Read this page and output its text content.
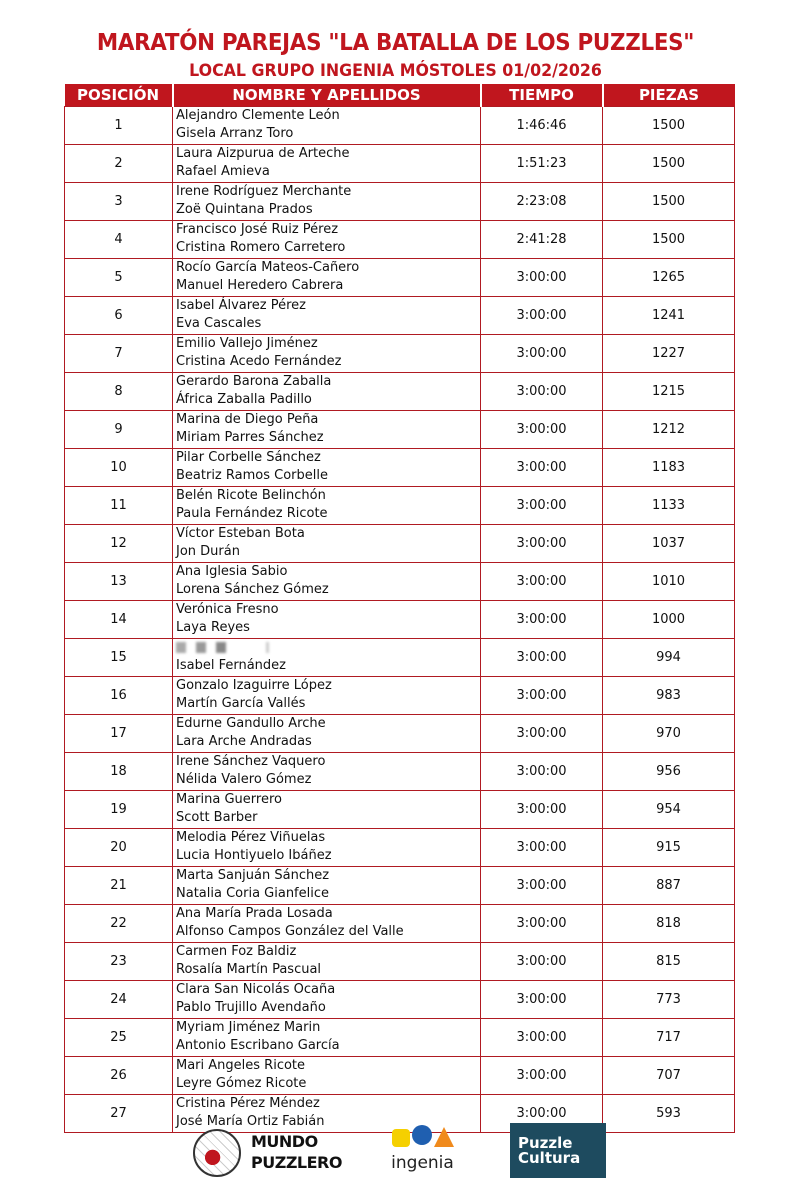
MARATÓN PAREJAS "LA BATALLA DE LOS PUZZLES"
LOCAL GRUPO INGENIA MÓSTOLES 01/02/2026
POSICIÓN	NOMBRE Y APELLIDOS	TIEMPO	PIEZAS
1	Alejandro Clemente León
Gisela Arranz Toro	1:46:46	1500
2	Laura Aizpurua de Arteche
Rafael Amieva	1:51:23	1500
3	Irene Rodríguez Merchante
Zoë Quintana Prados	2:23:08	1500
4	Francisco José Ruiz Pérez
Cristina Romero Carretero	2:41:28	1500
5	Rocío García Mateos-Cañero
Manuel Heredero Cabrera	3:00:00	1265
6	Isabel Álvarez Pérez
Eva Cascales	3:00:00	1241
7	Emilio Vallejo Jiménez
Cristina Acedo Fernández	3:00:00	1227
8	Gerardo Barona Zaballa
África Zaballa Padillo	3:00:00	1215
9	Marina de Diego Peña
Miriam Parres Sánchez	3:00:00	1212
10	Pilar Corbelle Sánchez
Beatriz Ramos Corbelle	3:00:00	1183
11	Belén Ricote Belinchón
Paula Fernández Ricote	3:00:00	1133
12	Víctor Esteban Bota
Jon Durán	3:00:00	1037
13	Ana Iglesia Sabio
Lorena Sánchez Gómez	3:00:00	1010
14	Verónica Fresno
Laya Reyes	3:00:00	1000
15	Isabel Fernández	3:00:00	994
16	Gonzalo Izaguirre López
Martín García Vallés	3:00:00	983
17	Edurne Gandullo Arche
Lara Arche Andradas	3:00:00	970
18	Irene Sánchez Vaquero
Nélida Valero Gómez	3:00:00	956
19	Marina Guerrero
Scott Barber	3:00:00	954
20	Melodia Pérez Viñuelas
Lucia Hontiyuelo Ibáñez	3:00:00	915
21	Marta Sanjuán Sánchez
Natalia Coria Gianfelice	3:00:00	887
22	Ana María Prada Losada
Alfonso Campos González del Valle	3:00:00	818
23	Carmen Foz Baldiz
Rosalía Martín Pascual	3:00:00	815
24	Clara San Nicolás Ocaña
Pablo Trujillo Avendaño	3:00:00	773
25	Myriam Jiménez Marin
Antonio Escribano García	3:00:00	717
26	Mari Angeles Ricote
Leyre Gómez Ricote	3:00:00	707
27	Cristina Pérez Méndez
José María Ortiz Fabián	3:00:00	593
MUNDO
PUZZLERO	ingenia
Puzzle
Cultura
